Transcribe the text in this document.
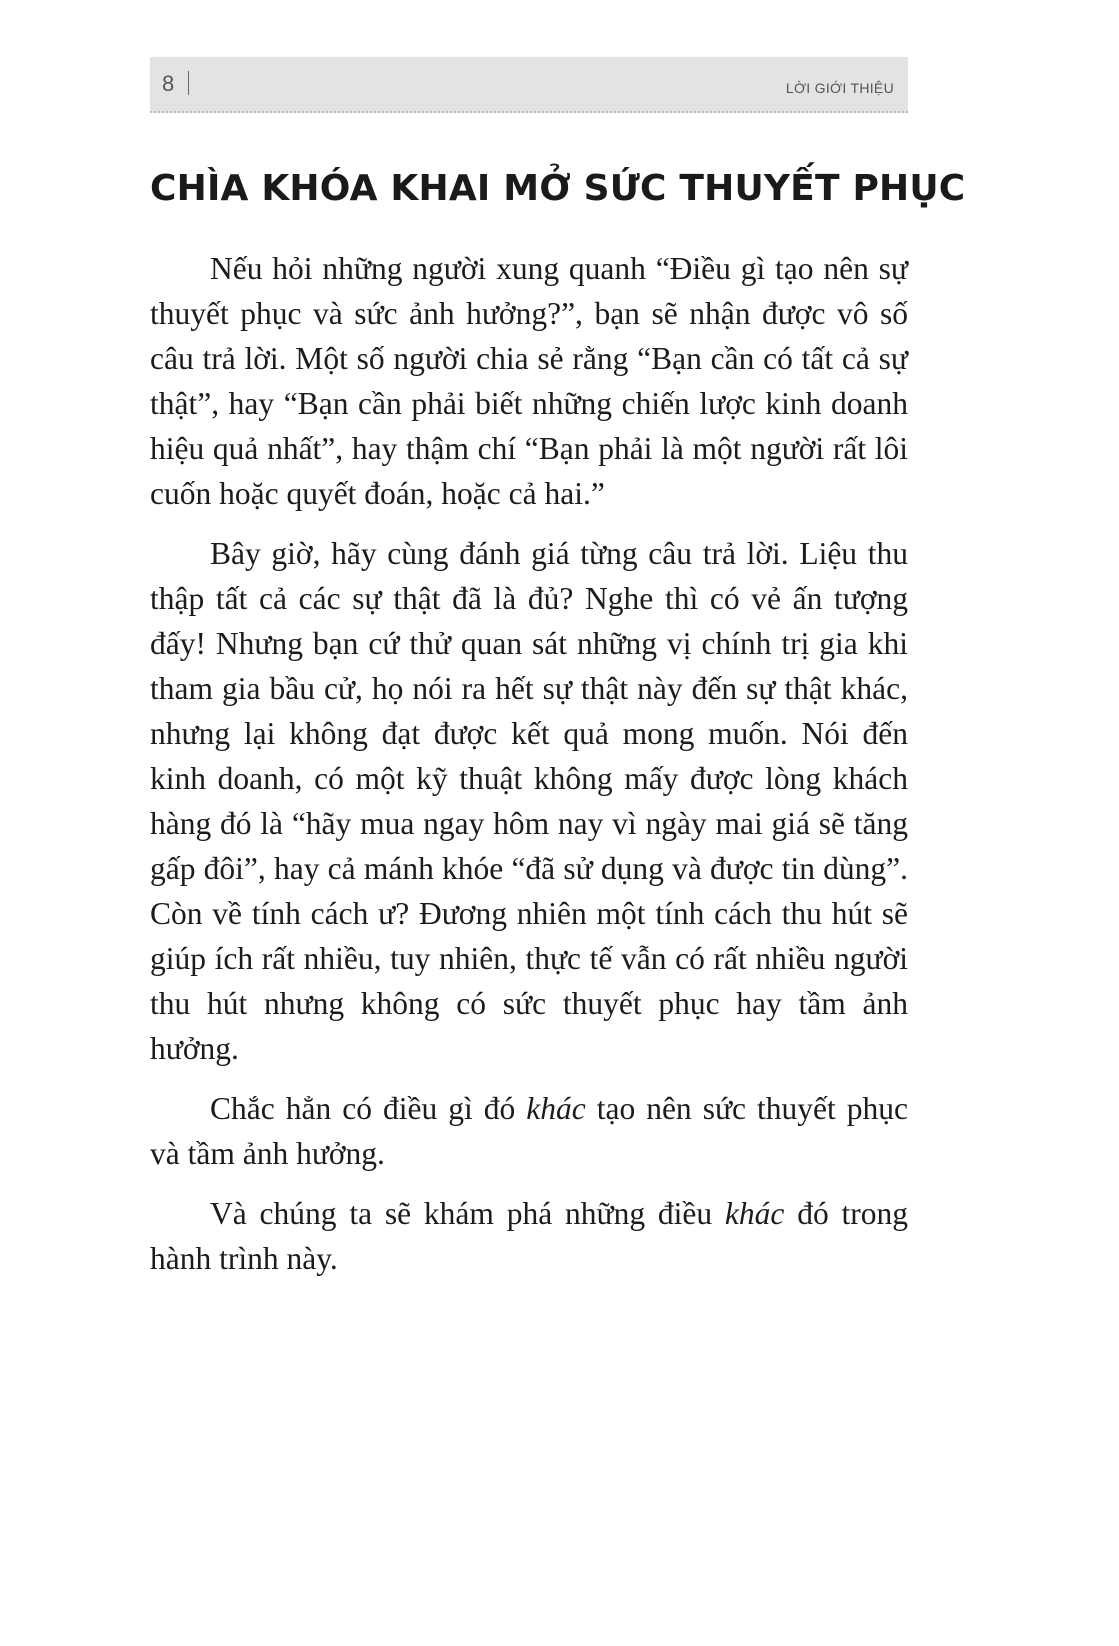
8	LỜI GIỚI THIỆU
CHÌA KHÓA KHAI MỞ SỨC THUYẾT PHỤC

Nếu hỏi những người xung quanh “Điều gì tạo nên sự thuyết phục và sức ảnh hưởng?”, bạn sẽ nhận được vô số câu trả lời. Một số người chia sẻ rằng “Bạn cần có tất cả sự thật”, hay “Bạn cần phải biết những chiến lược kinh doanh hiệu quả nhất”, hay thậm chí “Bạn phải là một người rất lôi cuốn hoặc quyết đoán, hoặc cả hai.”

Bây giờ, hãy cùng đánh giá từng câu trả lời. Liệu thu thập tất cả các sự thật đã là đủ? Nghe thì có vẻ ấn tượng đấy! Nhưng bạn cứ thử quan sát những vị chính trị gia khi tham gia bầu cử, họ nói ra hết sự thật này đến sự thật khác, nhưng lại không đạt được kết quả mong muốn. Nói đến kinh doanh, có một kỹ thuật không mấy được lòng khách hàng đó là “hãy mua ngay hôm nay vì ngày mai giá sẽ tăng gấp đôi”, hay cả mánh khóe “đã sử dụng và được tin dùng”. Còn về tính cách ư? Đương nhiên một tính cách thu hút sẽ giúp ích rất nhiều, tuy nhiên, thực tế vẫn có rất nhiều người thu hút nhưng không có sức thuyết phục hay tầm ảnh hưởng.

Chắc hẳn có điều gì đó khác tạo nên sức thuyết phục và tầm ảnh hưởng.

Và chúng ta sẽ khám phá những điều khác đó trong hành trình này.
